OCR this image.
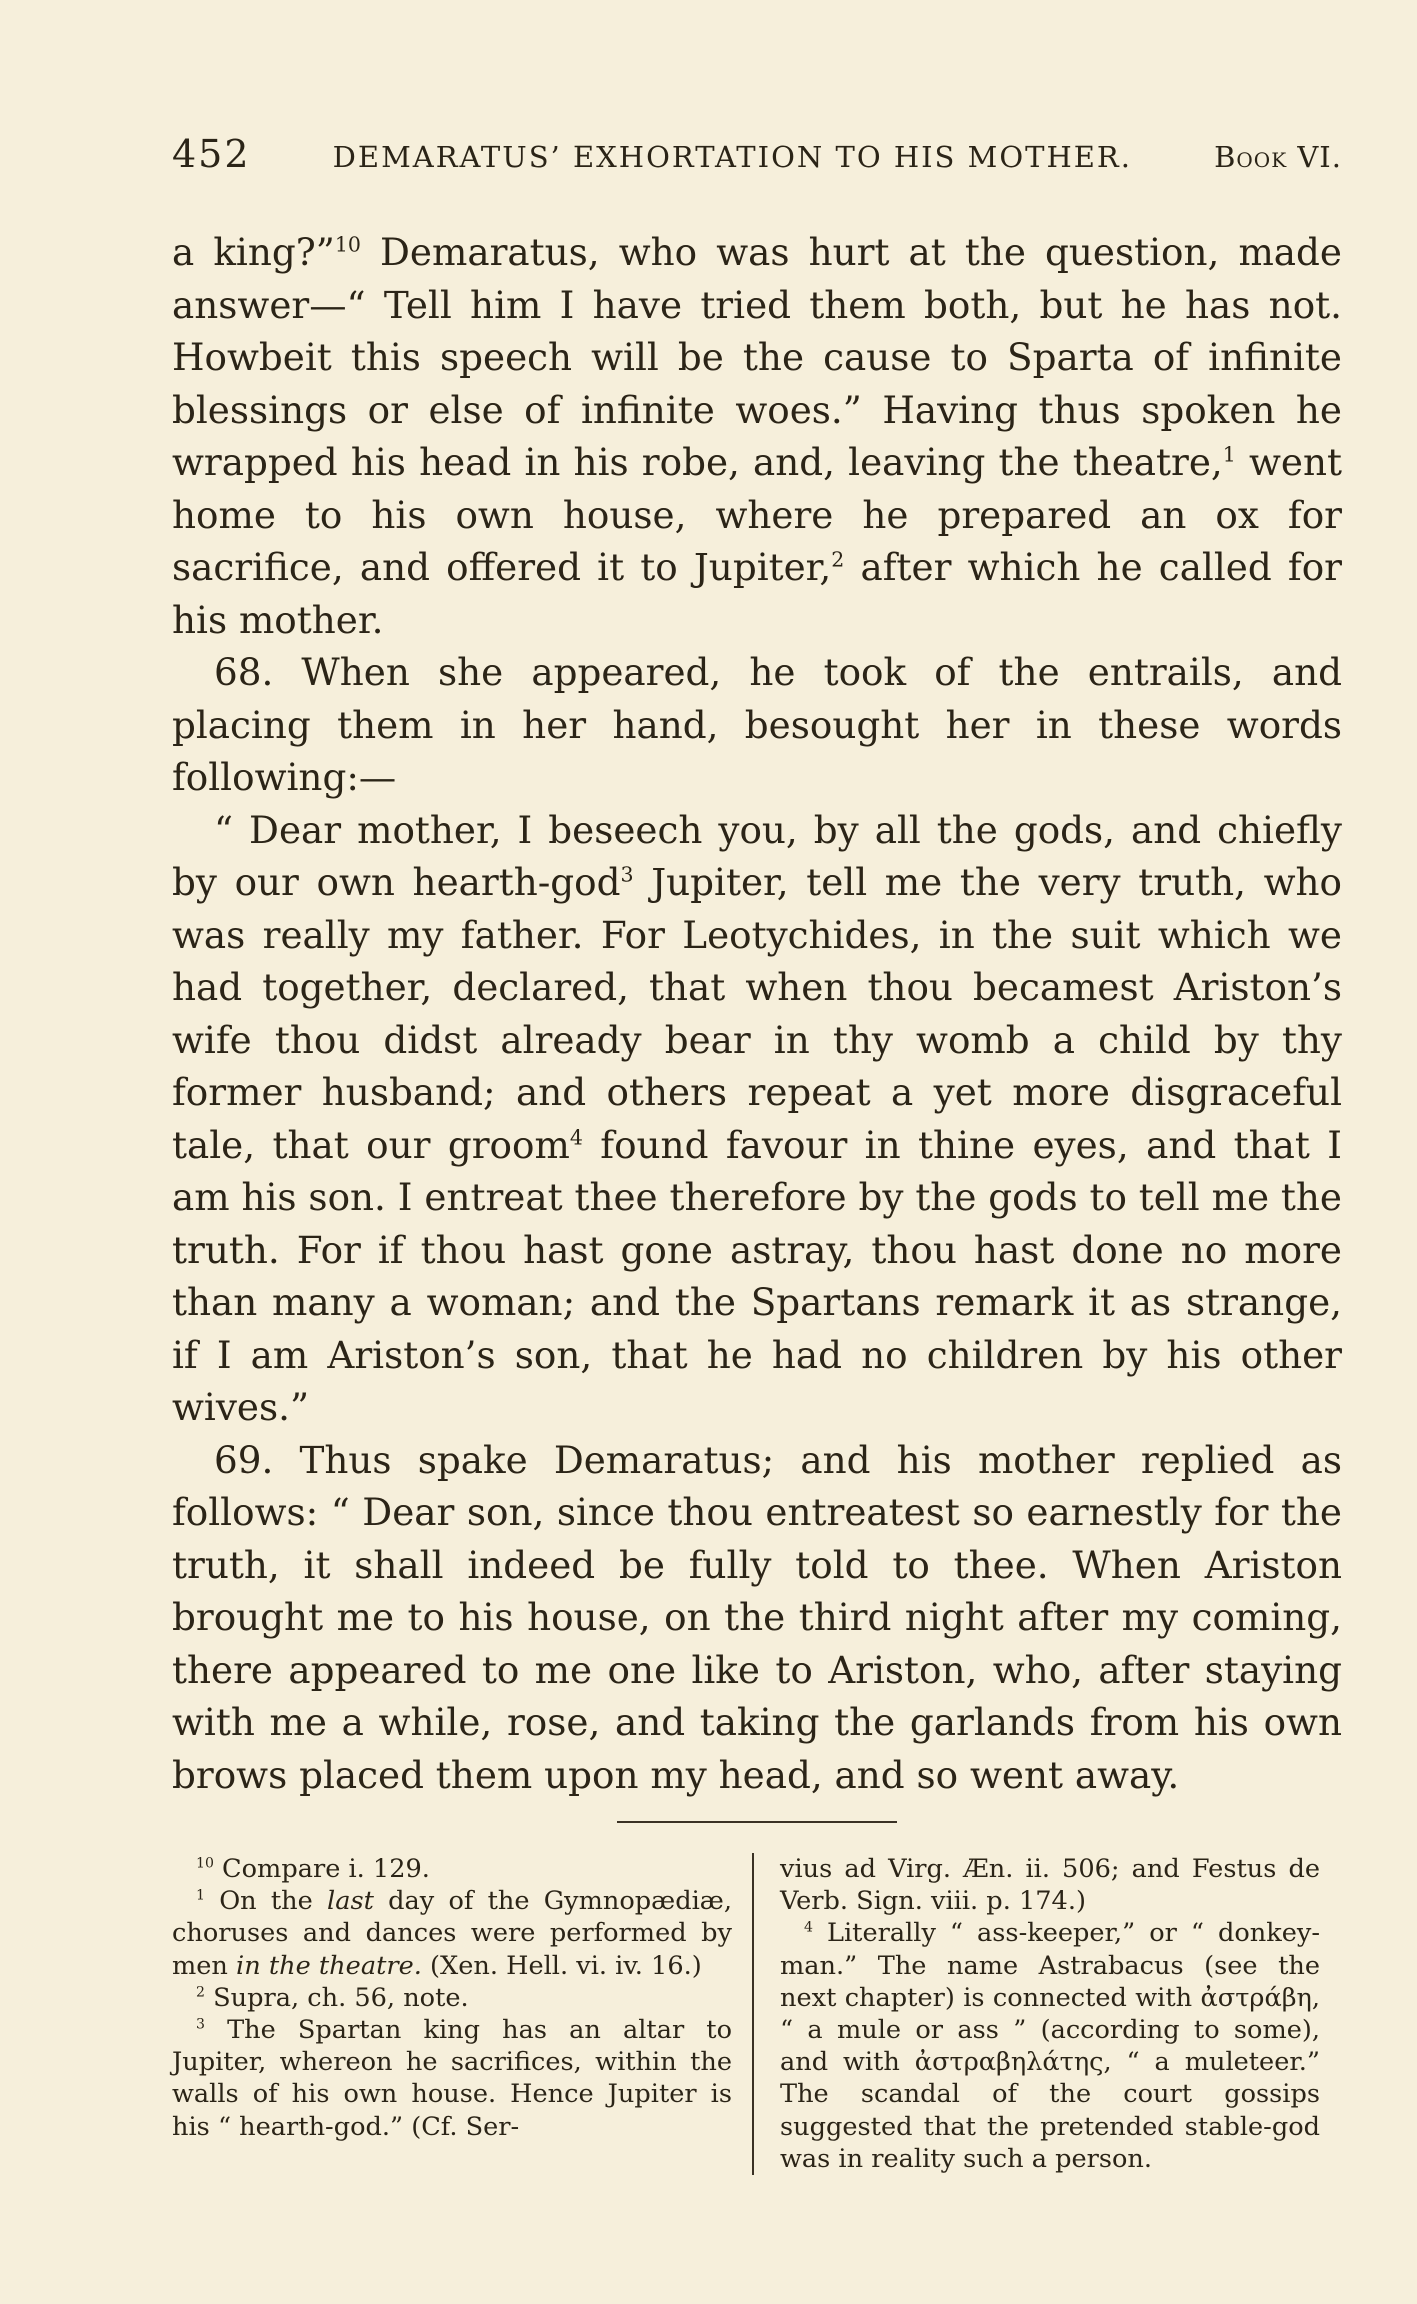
452	DEMARATUS’ EXHORTATION TO HIS MOTHER.	Book VI.

a king?”$^{10}$ Demaratus, who was hurt at the question, made answer—“ Tell him I have tried them both, but he has not. Howbeit this speech will be the cause to Sparta of infinite blessings or else of infinite woes.” Having thus spoken he wrapped his head in his robe, and, leaving the theatre,$^1$ went home to his own house, where he prepared an ox for sacrifice, and offered it to Jupiter,$^2$ after which he called for his mother.

68. When she appeared, he took of the entrails, and placing them in her hand, besought her in these words following:—

“ Dear mother, I beseech you, by all the gods, and chiefly by our own hearth-god$^3$ Jupiter, tell me the very truth, who was really my father. For Leotychides, in the suit which we had together, declared, that when thou becamest Ariston’s wife thou didst already bear in thy womb a child by thy former husband; and others repeat a yet more disgraceful tale, that our groom$^4$ found favour in thine eyes, and that I am his son. I entreat thee therefore by the gods to tell me the truth. For if thou hast gone astray, thou hast done no more than many a woman; and the Spartans remark it as strange, if I am Ariston’s son, that he had no children by his other wives.”

69. Thus spake Demaratus; and his mother replied as follows: “ Dear son, since thou entreatest so earnestly for the truth, it shall indeed be fully told to thee. When Ariston brought me to his house, on the third night after my coming, there appeared to me one like to Ariston, who, after staying with me a while, rose, and taking the garlands from his own brows placed them upon my head, and so went away.

$^{10}$ Compare i. 129.

$^1$ On the last day of the Gymnopædiæ, choruses and dances were performed by men in the theatre. (Xen. Hell. vi. iv. 16.)

$^2$ Supra, ch. 56, note.

$^3$ The Spartan king has an altar to Jupiter, whereon he sacrifices, within the walls of his own house. Hence Jupiter is his “ hearth-god.” (Cf. Ser-

vius ad Virg. Æn. ii. 506; and Festus de Verb. Sign. viii. p. 174.)

$^4$ Literally “ ass-keeper,” or “ donkey-man.” The name Astrabacus (see the next chapter) is connected with ἀστράβη, “ a mule or ass ” (according to some), and with ἀστραβηλάτης, “ a muleteer.” The scandal of the court gossips suggested that the pretended stable-god was in reality such a person.
